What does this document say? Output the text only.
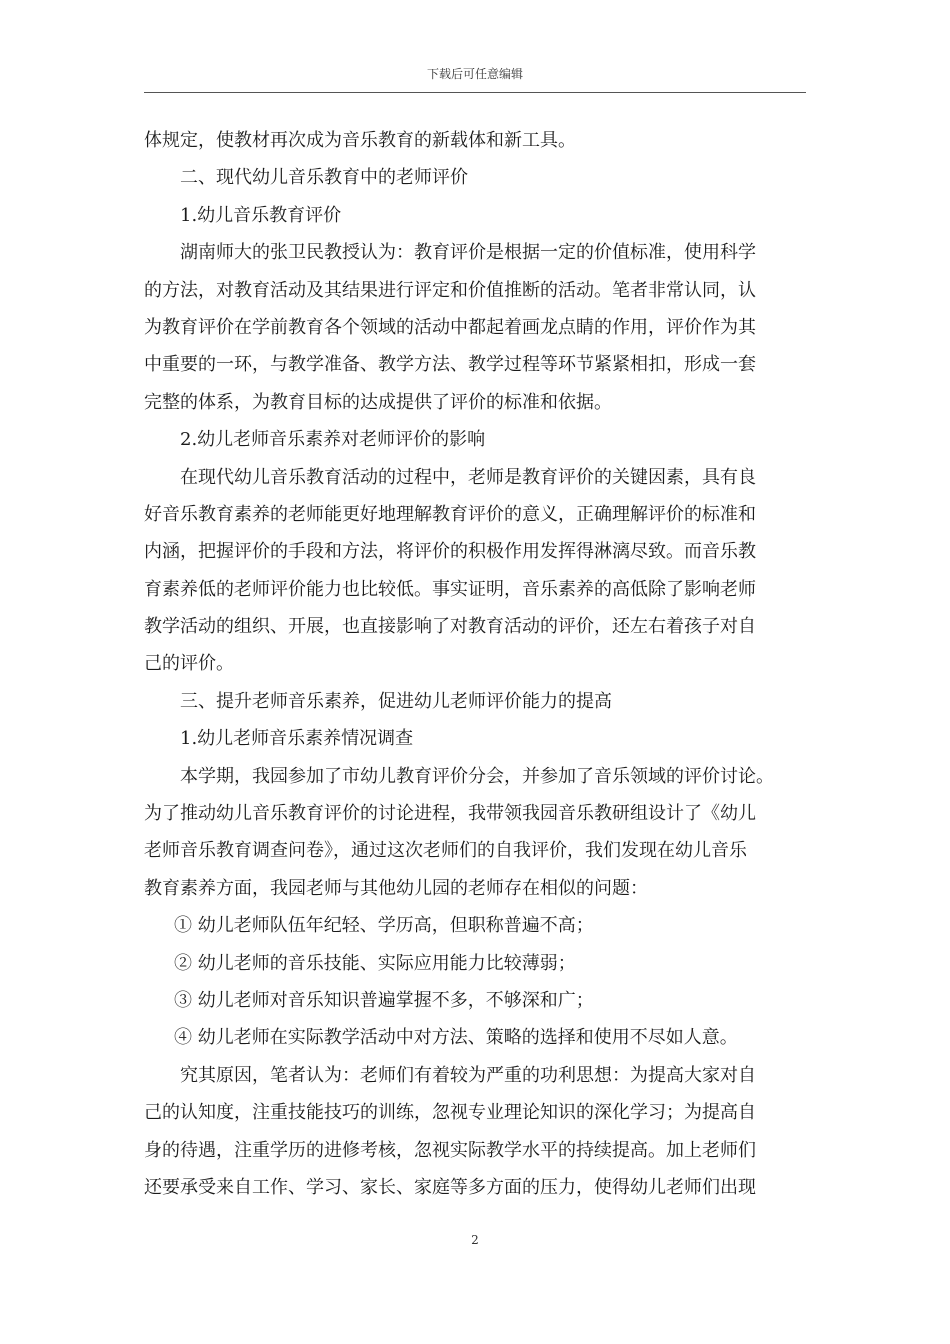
下载后可任意编辑
体规定，使教材再次成为音乐教育的新载体和新工具。
二、现代幼儿音乐教育中的老师评价
1.幼儿音乐教育评价
湖南师大的张卫民教授认为：教育评价是根据一定的价值标准，使用科学
的方法，对教育活动及其结果进行评定和价值推断的活动。笔者非常认同，认
为教育评价在学前教育各个领域的活动中都起着画龙点睛的作用，评价作为其
中重要的一环，与教学准备、教学方法、教学过程等环节紧紧相扣，形成一套
完整的体系，为教育目标的达成提供了评价的标准和依据。
2.幼儿老师音乐素养对老师评价的影响
在现代幼儿音乐教育活动的过程中，老师是教育评价的关键因素，具有良
好音乐教育素养的老师能更好地理解教育评价的意义，正确理解评价的标准和
内涵，把握评价的手段和方法，将评价的积极作用发挥得淋漓尽致。而音乐教
育素养低的老师评价能力也比较低。事实证明，音乐素养的高低除了影响老师
教学活动的组织、开展，也直接影响了对教育活动的评价，还左右着孩子对自
己的评价。
三、提升老师音乐素养，促进幼儿老师评价能力的提高
1.幼儿老师音乐素养情况调查
本学期，我园参加了市幼儿教育评价分会，并参加了音乐领域的评价讨论。
为了推动幼儿音乐教育评价的讨论进程，我带领我园音乐教研组设计了《幼儿
老师音乐教育调查问卷》，通过这次老师们的自我评价，我们发现在幼儿音乐
教育素养方面，我园老师与其他幼儿园的老师存在相似的问题：
① 幼儿老师队伍年纪轻、学历高，但职称普遍不高；
② 幼儿老师的音乐技能、实际应用能力比较薄弱；
③ 幼儿老师对音乐知识普遍掌握不多，不够深和广；
④ 幼儿老师在实际教学活动中对方法、策略的选择和使用不尽如人意。
究其原因，笔者认为：老师们有着较为严重的功利思想：为提高大家对自
己的认知度，注重技能技巧的训练，忽视专业理论知识的深化学习；为提高自
身的待遇，注重学历的进修考核，忽视实际教学水平的持续提高。加上老师们
还要承受来自工作、学习、家长、家庭等多方面的压力，使得幼儿老师们出现
2
